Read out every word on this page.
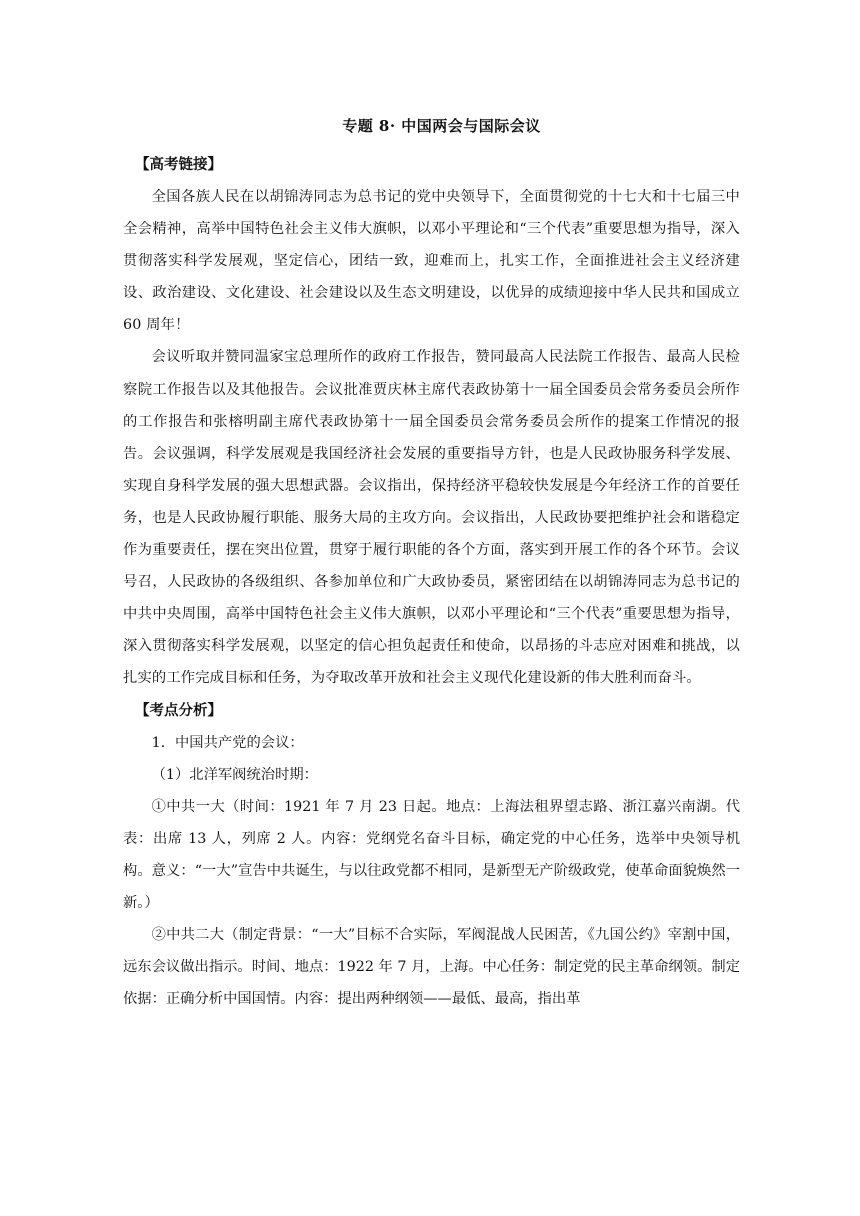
专题 8· 中国两会与国际会议
【高考链接】

全国各族人民在以胡锦涛同志为总书记的党中央领导下，全面贯彻党的十七大和十七届三中全会精神，高举中国特色社会主义伟大旗帜，以邓小平理论和“三个代表”重要思想为指导，深入贯彻落实科学发展观，坚定信心，团结一致，迎难而上，扎实工作，全面推进社会主义经济建设、政治建设、文化建设、社会建设以及生态文明建设，以优异的成绩迎接中华人民共和国成立 60 周年！

会议听取并赞同温家宝总理所作的政府工作报告，赞同最高人民法院工作报告、最高人民检察院工作报告以及其他报告。会议批准贾庆林主席代表政协第十一届全国委员会常务委员会所作的工作报告和张榕明副主席代表政协第十一届全国委员会常务委员会所作的提案工作情况的报告。会议强调，科学发展观是我国经济社会发展的重要指导方针，也是人民政协服务科学发展、实现自身科学发展的强大思想武器。会议指出，保持经济平稳较快发展是今年经济工作的首要任务，也是人民政协履行职能、服务大局的主攻方向。会议指出，人民政协要把维护社会和谐稳定作为重要责任，摆在突出位置，贯穿于履行职能的各个方面，落实到开展工作的各个环节。会议号召，人民政协的各级组织、各参加单位和广大政协委员，紧密团结在以胡锦涛同志为总书记的中共中央周围，高举中国特色社会主义伟大旗帜，以邓小平理论和“三个代表”重要思想为指导，深入贯彻落实科学发展观，以坚定的信心担负起责任和使命，以昂扬的斗志应对困难和挑战，以扎实的工作完成目标和任务，为夺取改革开放和社会主义现代化建设新的伟大胜利而奋斗。

【考点分析】

1．中国共产党的会议：

（1）北洋军阀统治时期：

①中共一大（时间：1921 年 7 月 23 日起。地点：上海法租界望志路、浙江嘉兴南湖。代表：出席 13 人，列席 2 人。内容：党纲党名奋斗目标，确定党的中心任务，选举中央领导机构。意义：“一大”宣告中共诞生，与以往政党都不相同，是新型无产阶级政党，使革命面貌焕然一新。）

②中共二大（制定背景：“一大”目标不合实际，军阀混战人民困苦，《九国公约》宰割中国，远东会议做出指示。时间、地点：1922 年 7 月，上海。中心任务：制定党的民主革命纲领。制定依据：正确分析中国国情。内容：提出两种纲领——最低、最高，指出革
